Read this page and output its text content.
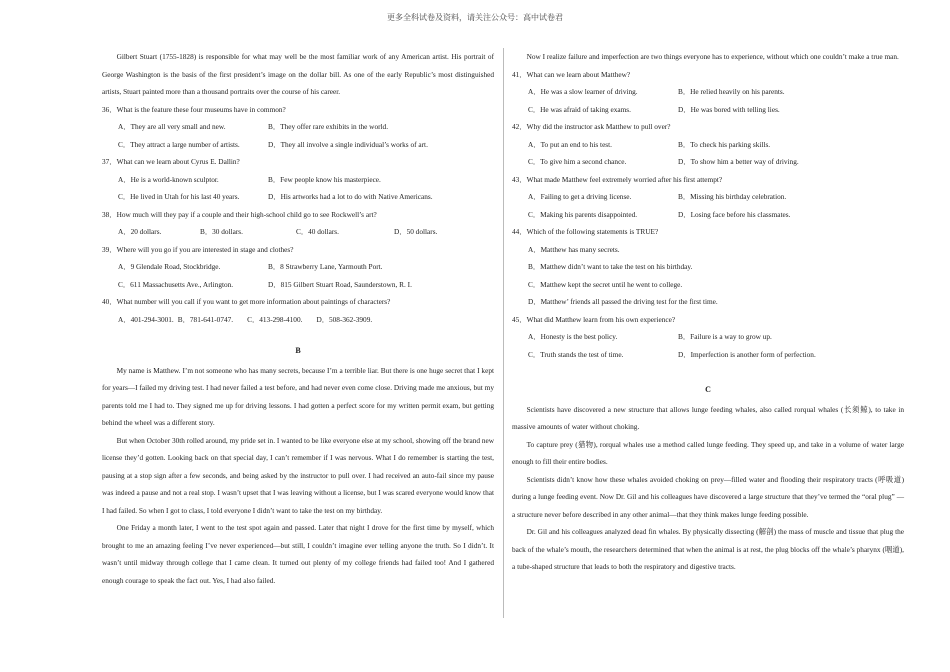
更多全科试卷及资料，请关注公众号：高中试卷君

Gilbert Stuart (1755-1828) is responsible for what may well be the most familiar work of any American artist. His portrait of George Washington is the basis of the first president’s image on the dollar bill. As one of the early Republic’s most distinguished artists, Stuart painted more than a thousand portraits over the course of his career.

36．What is the feature these four museums have in common?
A．They are all very small and new.	B．They offer rare exhibits in the world.
C．They attract a large number of artists.	D．They all involve a single individual’s works of art.
37．What can we learn about Cyrus E. Dallin?
A．He is a world-known sculptor.	B．Few people know his masterpiece.
C．He lived in Utah for his last 40 years.	D．His artworks had a lot to do with Native Americans.
38．How much will they pay if a couple and their high-school child go to see Rockwell’s art?
A．20 dollars.	B．30 dollars.	C．40 dollars.	D．50 dollars.
39．Where will you go if you are interested in stage and clothes?
A．9 Glendale Road, Stockbridge.	B．8 Strawberry Lane, Yarmouth Port.
C．611 Massachusetts Ave., Arlington.	D．815 Gilbert Stuart Road, Saunderstown, R. I.
40．What number will you call if you want to get more information about paintings of characters?
A．401-294-3001. B．781-641-0747. C．413-298-4100. D．508-362-3909.
B

My name is Matthew. I’m not someone who has many secrets, because I’m a terrible liar. But there is one huge secret that I kept for years—I failed my driving test. I had never failed a test before, and had never even come close. Driving made me anxious, but my parents told me I had to. They signed me up for driving lessons. I had gotten a perfect score for my written permit exam, but getting behind the wheel was a different story.

But when October 30th rolled around, my pride set in. I wanted to be like everyone else at my school, showing off the brand new license they’d gotten. Looking back on that special day, I can’t remember if I was nervous. What I do remember is starting the test, pausing at a stop sign after a few seconds, and being asked by the instructor to pull over. I had received an auto-fail since my pause was indeed a pause and not a real stop. I wasn’t upset that I was leaving without a license, but I was scared everyone would know that I had failed. So when I got to class, I told everyone I didn’t want to take the test on my birthday.

One Friday a month later, I went to the test spot again and passed. Later that night I drove for the first time by myself, which brought to me an amazing feeling I’ve never experienced—but still, I couldn’t imagine ever telling anyone the truth. So I didn’t. It wasn’t until midway through college that I came clean. It turned out plenty of my college friends had failed too! And I gathered enough courage to speak the fact out. Yes, I had also failed.

Now I realize failure and imperfection are two things everyone has to experience, without which one couldn’t make a true man.

41．What can we learn about Matthew?
A．He was a slow learner of driving.	B．He relied heavily on his parents.
C．He was afraid of taking exams.	D．He was bored with telling lies.
42．Why did the instructor ask Matthew to pull over?
A．To put an end to his test.	B．To check his parking skills.
C．To give him a second chance.	D．To show him a better way of driving.
43．What made Matthew feel extremely worried after his first attempt?
A．Failing to get a driving license.	B．Missing his birthday celebration.
C．Making his parents disappointed.	D．Losing face before his classmates.
44．Which of the following statements is TRUE?
A．Matthew has many secrets.
B．Matthew didn’t want to take the test on his birthday.
C．Matthew kept the secret until he went to college.
D．Matthew’ friends all passed the driving test for the first time.
45．What did Matthew learn from his own experience?
A．Honesty is the best policy.	B．Failure is a way to grow up.
C．Truth stands the test of time.	D．Imperfection is another form of perfection.
C

Scientists have discovered a new structure that allows lunge feeding whales, also called rorqual whales (长须鲸), to take in massive amounts of water without choking.

To capture prey (猎物), rorqual whales use a method called lunge feeding. They speed up, and take in a volume of water large enough to fill their entire bodies.

Scientists didn’t know how these whales avoided choking on prey—filled water and flooding their respiratory tracts (呼吸道) during a lunge feeding event. Now Dr. Gil and his colleagues have discovered a large structure that they’ve termed the “oral plug” —a structure never before described in any other animal—that they think makes lunge feeding possible.

Dr. Gil and his colleagues analyzed dead fin whales. By physically dissecting (解剖) the mass of muscle and tissue that plug the back of the whale’s mouth, the researchers determined that when the animal is at rest, the plug blocks off the whale’s pharynx (咽道), a tube-shaped structure that leads to both the respiratory and digestive tracts.
